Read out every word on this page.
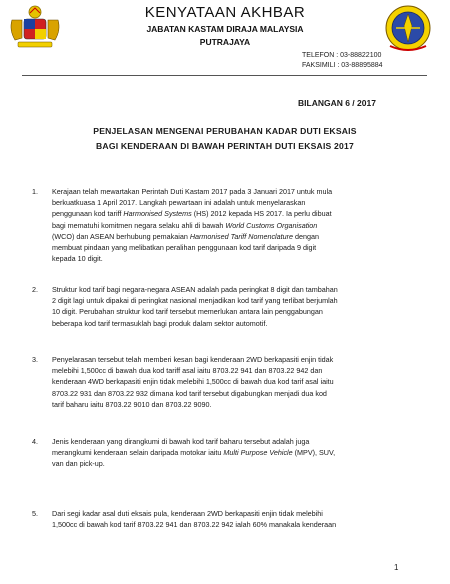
KENYATAAN AKHBAR
JABATAN KASTAM DIRAJA MALAYSIA
PUTRAJAYA
TELEFON : 03-88822100
FAKSIMILI : 03-88895884
BILANGAN 6 / 2017
PENJELASAN MENGENAI PERUBAHAN KADAR DUTI EKSAIS
BAGI KENDERAAN DI BAWAH PERINTAH DUTI EKSAIS 2017
1. Kerajaan telah mewartakan Perintah Duti Kastam 2017 pada 3 Januari 2017 untuk mula
berkuatkuasa 1 April 2017. Langkah pewartaan ini adalah untuk menyelaraskan
penggunaan kod tariff Harmonised Systems (HS) 2012 kepada HS 2017. Ia perlu dibuat
bagi mematuhi komitmen negara selaku ahli di bawah World Customs Organisation
(WCO) dan ASEAN berhubung pemakaian Harmonised Tariff Nomenclature dengan
membuat pindaan yang melibatkan peralihan penggunaan kod tarif daripada 9 digit
kepada 10 digit.
2. Struktur kod tarif bagi negara-negara ASEAN adalah pada peringkat 8 digit dan tambahan
2 digit lagi untuk dipakai di peringkat nasional menjadikan kod tarif yang terlibat berjumlah
10 digit. Perubahan struktur kod tarif tersebut memerlukan antara lain penggabungan
beberapa kod tarif termasuklah bagi produk dalam sektor automotif.
3. Penyelarasan tersebut telah memberi kesan bagi kenderaan 2WD berkapasiti enjin tidak
melebihi 1,500cc di bawah dua kod tariff asal iaitu 8703.22 941 dan 8703.22 942 dan
kenderaan 4WD berkapasiti enjin tidak melebihi 1,500cc di bawah dua kod tarif asal iaitu
8703.22 931 dan 8703.22 932 dimana kod tarif tersebut digabungkan menjadi dua kod
tarif baharu iaitu 8703.22 9010 dan 8703.22 9090.
4. Jenis kenderaan yang dirangkumi di bawah kod tarif baharu tersebut adalah juga
merangkumi kenderaan selain daripada motokar iaitu Multi Purpose Vehicle (MPV), SUV,
van dan pick-up.
5. Dari segi kadar asal duti eksais pula, kenderaan 2WD berkapasiti enjin tidak melebihi
1,500cc di bawah kod tarif 8703.22 941 dan 8703.22 942 ialah 60% manakala kenderaan
1
